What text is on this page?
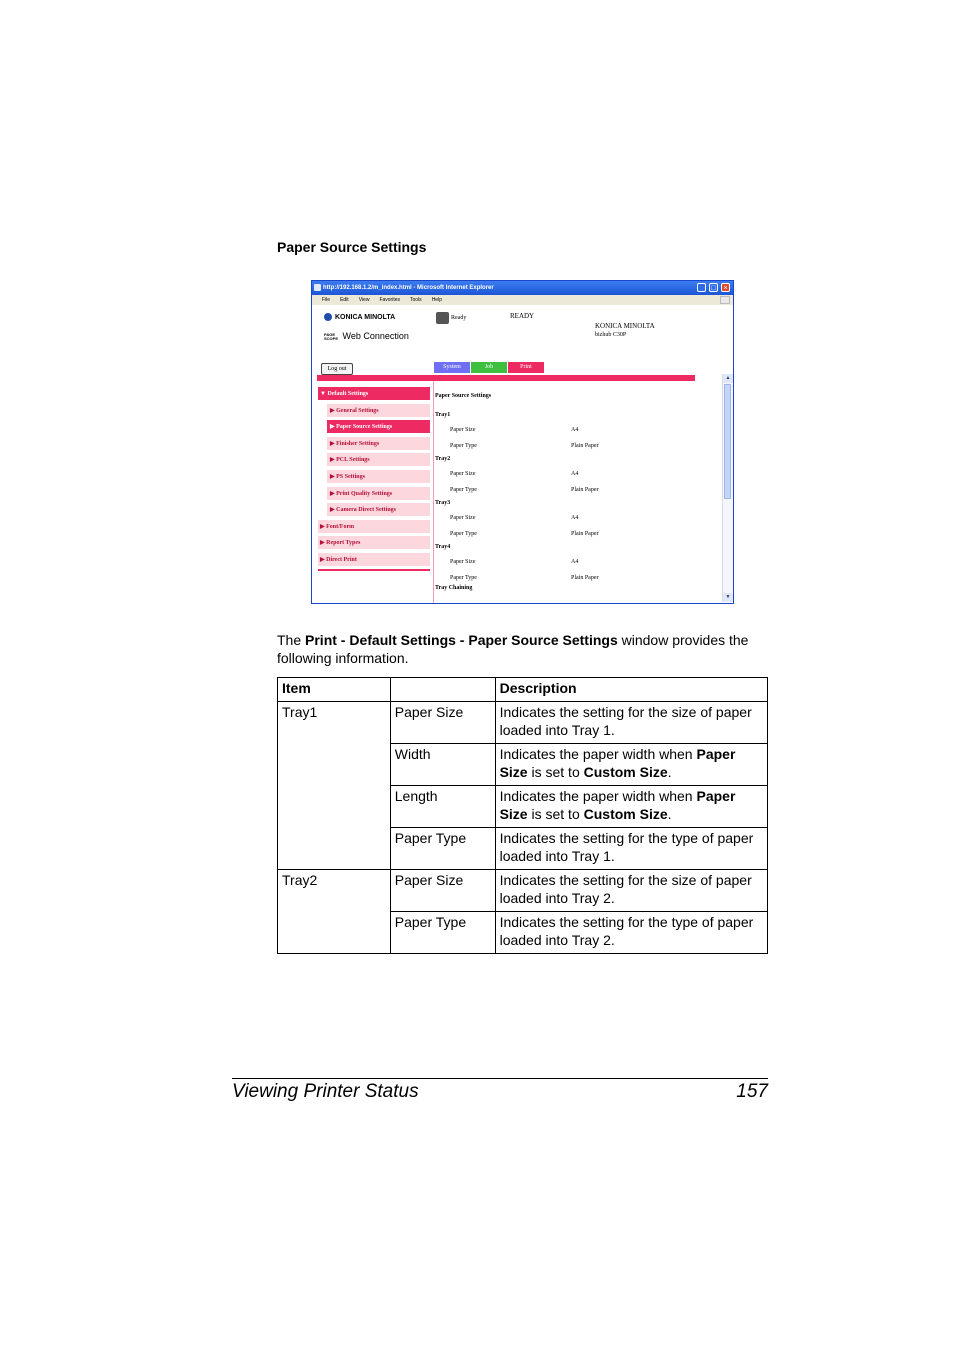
Paper Source Settings
http://192.168.1.2/m_index.html - Microsoft Internet Explorer	_	□	×
File Edit View Favorites Tools Help
KONICA MINOLTA
PAGE SCOPE Web Connection
Ready	READY
KONICA MINOLTA
bizhub C30P
Log out	System	Job	Print
▼ Default Settings
▶ General Settings
▶ Paper Source Settings
▶ Finisher Settings
▶ PCL Settings
▶ PS Settings
▶ Print Quality Settings
▶ Camera Direct Settings
▶ Font/Form
▶ Report Types
▶ Direct Print
Paper Source Settings
Tray1
Paper Size	A4
Paper Type	Plain Paper
Tray2
Paper Size	A4
Paper Type	Plain Paper
Tray3
Paper Size	A4
Paper Type	Plain Paper
Tray4
Paper Size	A4
Paper Type	Plain Paper
Tray Chaining
▲
▼
The Print - Default Settings - Paper Source Settings window provides the following information.
Item		Description
Tray1	Paper Size	Indicates the setting for the size of paper loaded into Tray 1.
	Width	Indicates the paper width when Paper Size is set to Custom Size.
	Length	Indicates the paper width when Paper Size is set to Custom Size.
	Paper Type	Indicates the setting for the type of paper loaded into Tray 1.
Tray2	Paper Size	Indicates the setting for the size of paper loaded into Tray 2.
	Paper Type	Indicates the setting for the type of paper loaded into Tray 2.
Viewing Printer Status	157
